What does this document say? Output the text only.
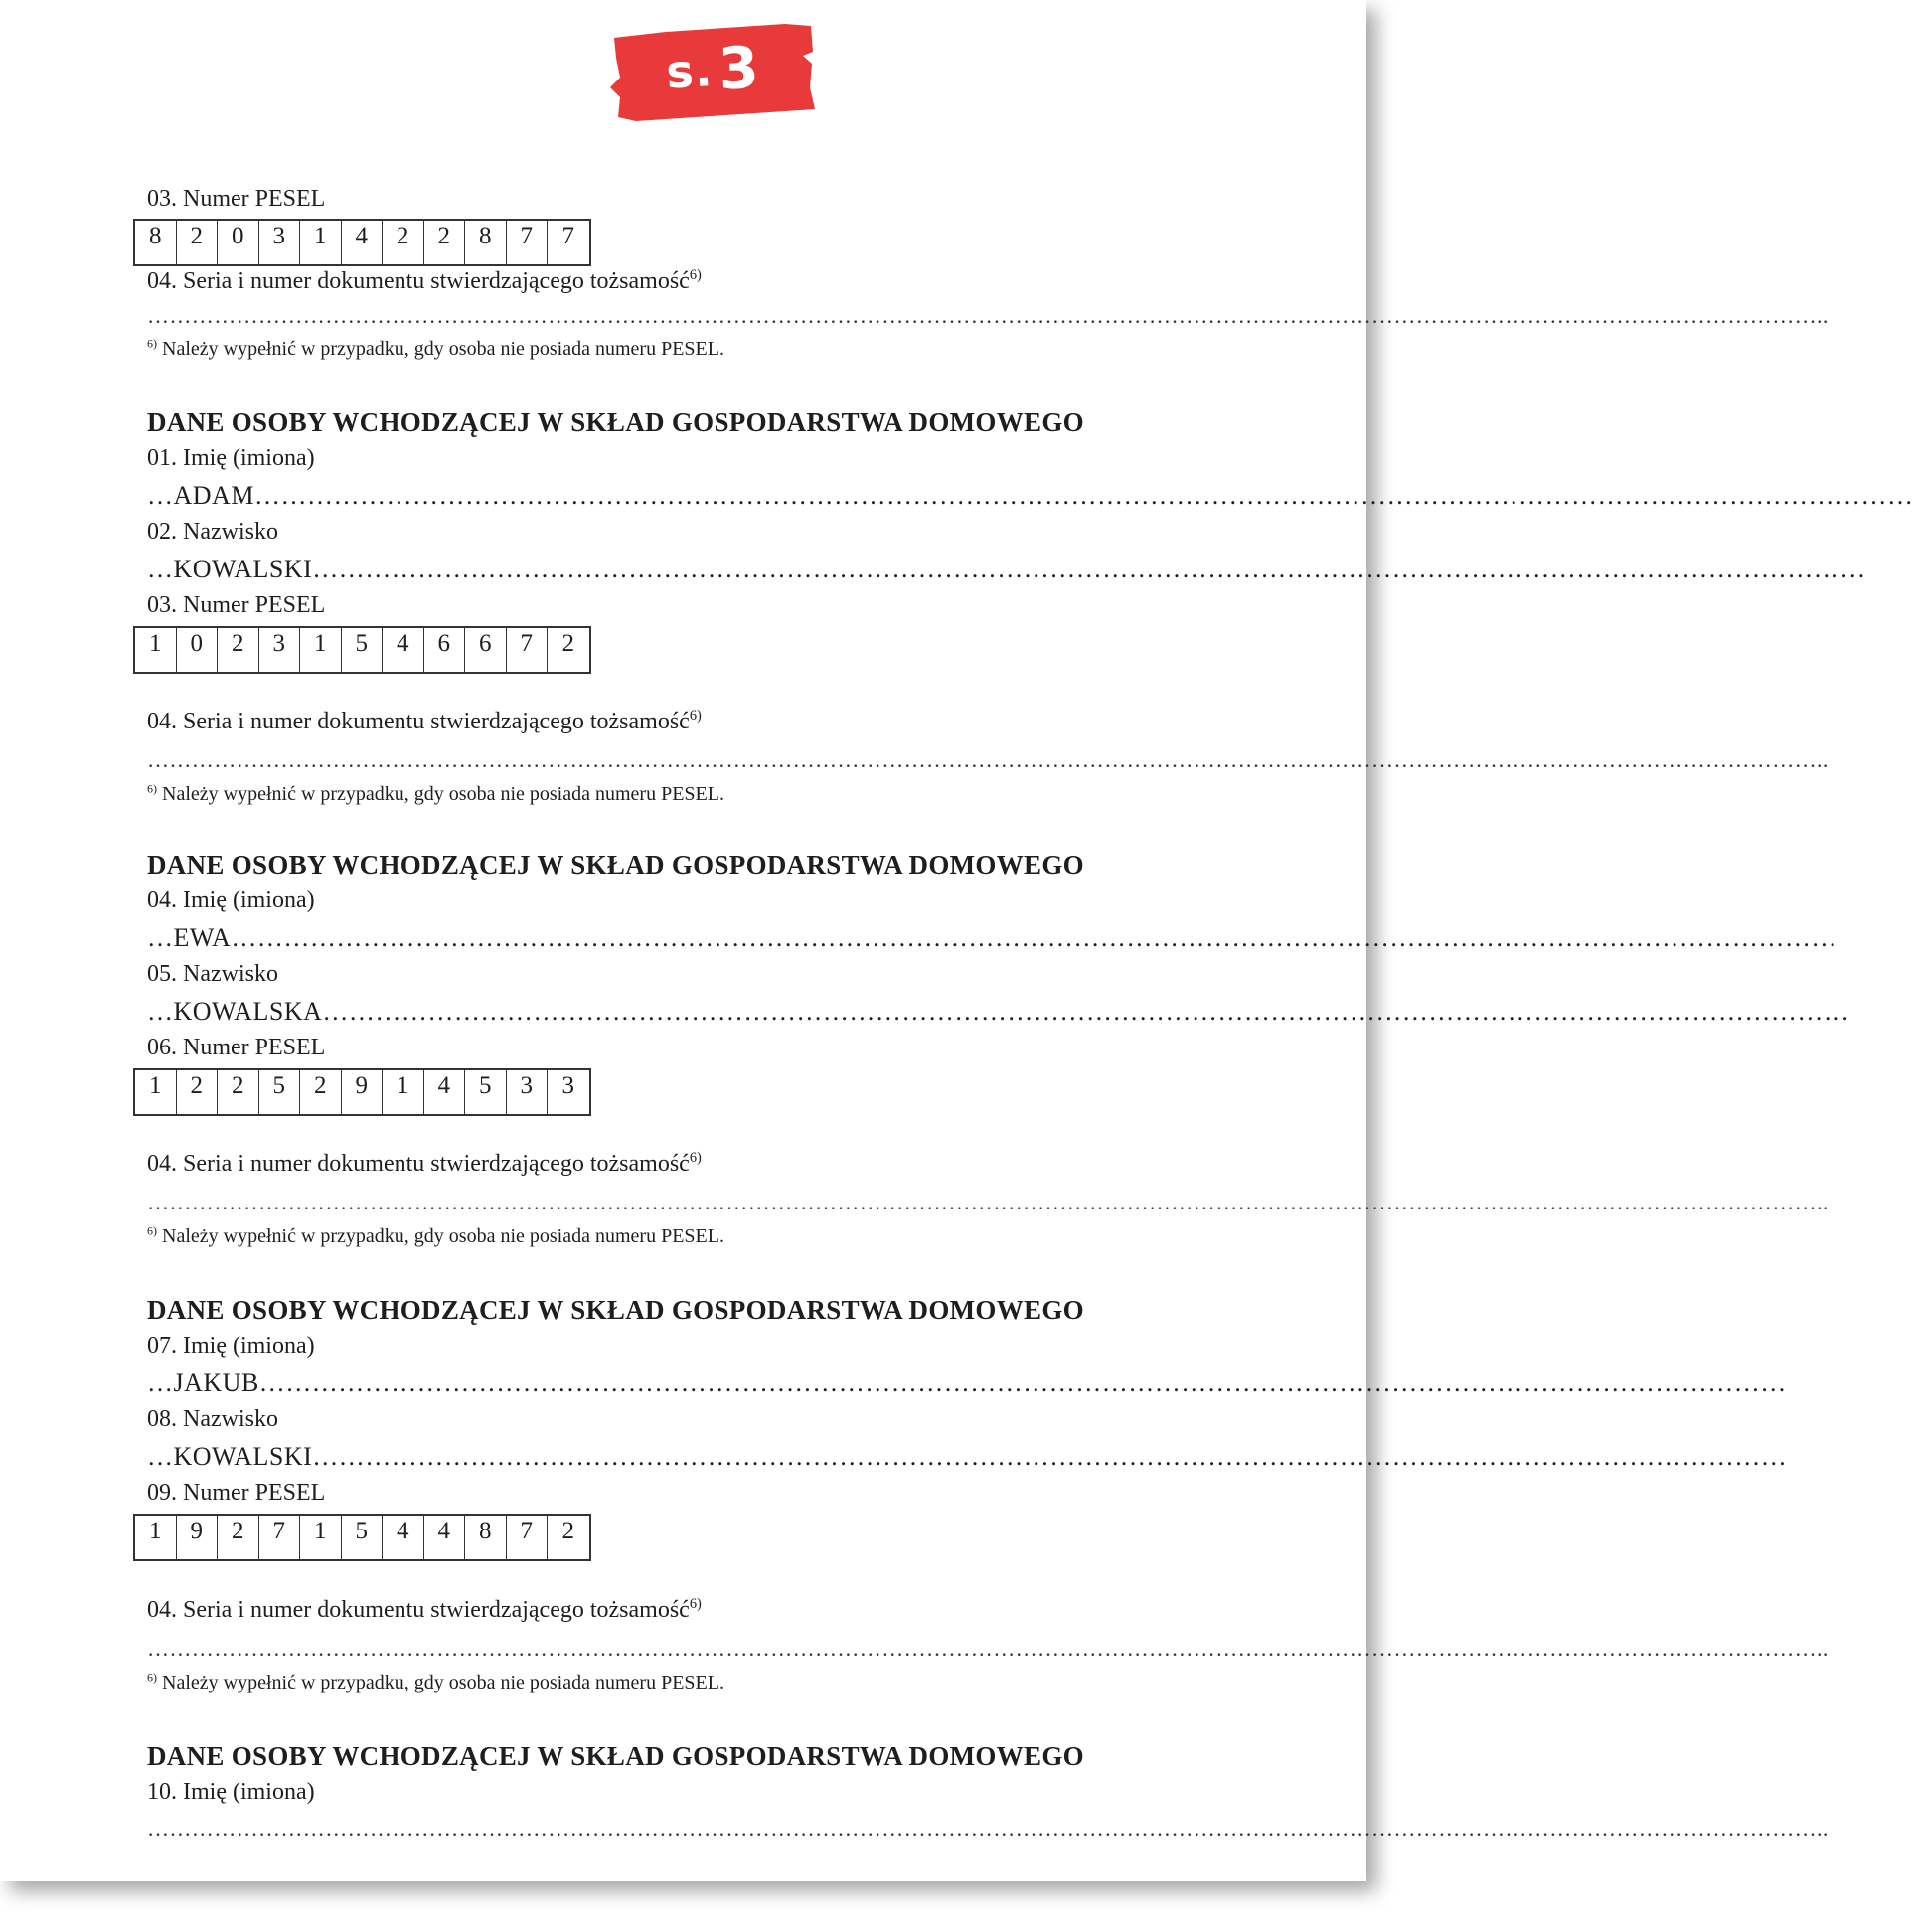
s. 3
03. Numer PESEL
8	2	0	3	1	4	2	2	8	7	7
04. Seria i numer dokumentu stwierdzającego tożsamość$^{6)}$
………………………………………………………………………………………………………………………………………………………………………………………………………..
$^{6)}$ Należy wypełnić w przypadku, gdy osoba nie posiada numeru PESEL.
DANE OSOBY WCHODZĄCEJ W SKŁAD GOSPODARSTWA DOMOWEGO
01. Imię (imiona)
…ADAM………………………………………………………………………………………………………………………………………………………………………
02. Nazwisko
…KOWALSKI……………………………………………………………………………………………………………………………………………………………
03. Numer PESEL
1	0	2	3	1	5	4	6	6	7	2
04. Seria i numer dokumentu stwierdzającego tożsamość$^{6)}$
………………………………………………………………………………………………………………………………………………………………………………………………………..
$^{6)}$ Należy wypełnić w przypadku, gdy osoba nie posiada numeru PESEL.
DANE OSOBY WCHODZĄCEJ W SKŁAD GOSPODARSTWA DOMOWEGO
04. Imię (imiona)
…EWA…………………………………………………………………………………………………………………………………………………………………
05. Nazwisko
…KOWALSKA…………………………………………………………………………………………………………………………………………………………
06. Numer PESEL
1	2	2	5	2	9	1	4	5	3	3
04. Seria i numer dokumentu stwierdzającego tożsamość$^{6)}$
………………………………………………………………………………………………………………………………………………………………………………………………………..
$^{6)}$ Należy wypełnić w przypadku, gdy osoba nie posiada numeru PESEL.
DANE OSOBY WCHODZĄCEJ W SKŁAD GOSPODARSTWA DOMOWEGO
07. Imię (imiona)
…JAKUB…………………………………………………………………………………………………………………………………………………………
08. Nazwisko
…KOWALSKI……………………………………………………………………………………………………………………………………………………
09. Numer PESEL
1	9	2	7	1	5	4	4	8	7	2
04. Seria i numer dokumentu stwierdzającego tożsamość$^{6)}$
………………………………………………………………………………………………………………………………………………………………………………………………………..
$^{6)}$ Należy wypełnić w przypadku, gdy osoba nie posiada numeru PESEL.
DANE OSOBY WCHODZĄCEJ W SKŁAD GOSPODARSTWA DOMOWEGO
10. Imię (imiona)
………………………………………………………………………………………………………………………………………………………………………………………………………..
